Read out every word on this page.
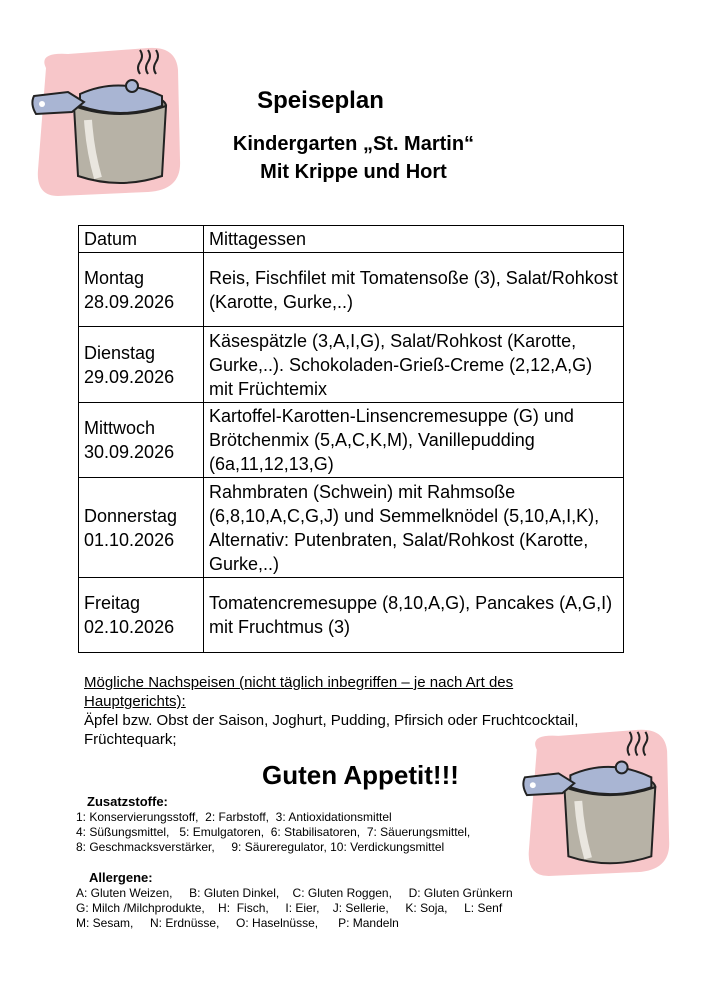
Speiseplan
Kindergarten „St. Martin“
Mit Krippe und Hort
Datum	Mittagessen
Montag
28.09.2026	Reis, Fischfilet mit Tomatensoße (3), Salat/Rohkost (Karotte, Gurke,..)
Dienstag
29.09.2026	Käsespätzle (3,A,I,G), Salat/Rohkost (Karotte, Gurke,..). Schokoladen-Grieß-Creme (2,12,A,G) mit Früchtemix
Mittwoch
30.09.2026	Kartoffel-Karotten-Linsencremesuppe (G) und Brötchenmix (5,A,C,K,M), Vanillepudding (6a,11,12,13,G)
Donnerstag
01.10.2026	Rahmbraten (Schwein) mit Rahmsoße (6,8,10,A,C,G,J) und Semmelknödel (5,10,A,I,K), Alternativ: Putenbraten, Salat/Rohkost (Karotte, Gurke,..)
Freitag
02.10.2026	Tomatencremesuppe (8,10,A,G), Pancakes (A,G,I) mit Fruchtmus (3)
Mögliche Nachspeisen (nicht täglich inbegriffen – je nach Art des Hauptgerichts):
Äpfel bzw. Obst der Saison, Joghurt, Pudding, Pfirsich oder Fruchtcocktail, Früchtequark;
Guten Appetit!!!
Zusatzstoffe:
1: Konservierungsstoff,  2: Farbstoff,  3: Antioxidationsmittel
4: Süßungsmittel,   5: Emulgatoren,  6: Stabilisatoren,  7: Säuerungsmittel,
8: Geschmacksverstärker,     9: Säureregulator, 10: Verdickungsmittel
Allergene:
A: Gluten Weizen,     B: Gluten Dinkel,    C: Gluten Roggen,     D: Gluten Grünkern
G: Milch /Milchprodukte,    H:  Fisch,     I: Eier,    J: Sellerie,     K: Soja,     L: Senf
M: Sesam,     N: Erdnüsse,     O: Haselnüsse,      P: Mandeln
